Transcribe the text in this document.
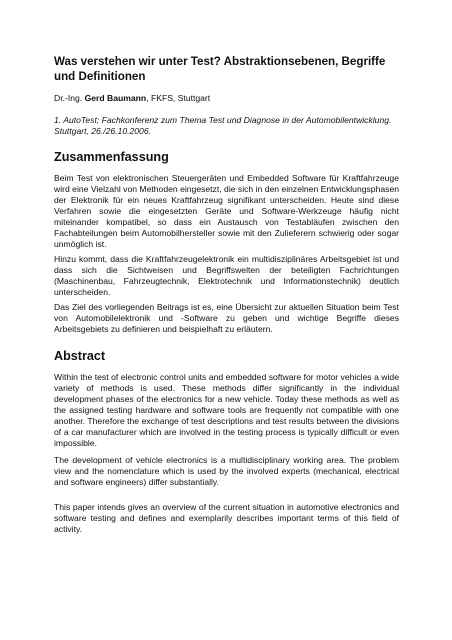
Was verstehen wir unter Test? Abstraktionsebenen, Begriffe und Definitionen

Dr.-Ing. Gerd Baumann, FKFS, Stuttgart

1. AutoTest; Fachkonferenz zum Thema Test und Diagnose in der Automobilentwicklung. Stuttgart, 26./26.10.2006.

Zusammenfassung

Beim Test von elektronischen Steuergeräten und Embedded Software für Kraftfahrzeuge wird eine Vielzahl von Methoden eingesetzt, die sich in den einzelnen Entwicklungsphasen der Elektronik für ein neues Kraftfahrzeug signifikant unterscheiden. Heute sind diese Verfahren sowie die eingesetzten Geräte und Software-Werkzeuge häufig nicht miteinander kompatibel, so dass ein Austausch von Testabläufen zwischen den Fachabteilungen beim Automobilhersteller sowie mit den Zulieferern schwierig oder sogar unmöglich ist.

Hinzu kommt, dass die Kraftfahrzeugelektronik ein multidisziplinäres Arbeitsgebiet ist und dass sich die Sichtweisen und Begriffswelten der beteiligten Fachrichtungen (Maschinenbau, Fahrzeugtechnik, Elektrotechnik und Informationstechnik) deutlich unterscheiden.

Das Ziel des vorliegenden Beitrags ist es, eine Übersicht zur aktuellen Situation beim Test von Automobilelektronik und -Software zu geben und wichtige Begriffe dieses Arbeitsgebiets zu definieren und beispielhaft zu erläutern.

Abstract

Within the test of electronic control units and embedded software for motor vehicles a wide variety of methods is used. These methods differ significantly in the individual development phases of the electronics for a new vehicle. Today these methods as well as the assigned testing hardware and software tools are frequently not compatible with one another. Therefore the exchange of test descriptions and test results between the divisions of a car manufacturer which are involved in the testing process is typically difficult or even impossible.

The development of vehicle electronics is a multidisciplinary working area. The problem view and the nomenclature which is used by the involved experts (mechanical, electrical and software engineers) differ substantially.

This paper intends gives an overview of the current situation in automotive electronics and software testing and defines and exemplarily describes important terms of this field of activity.
